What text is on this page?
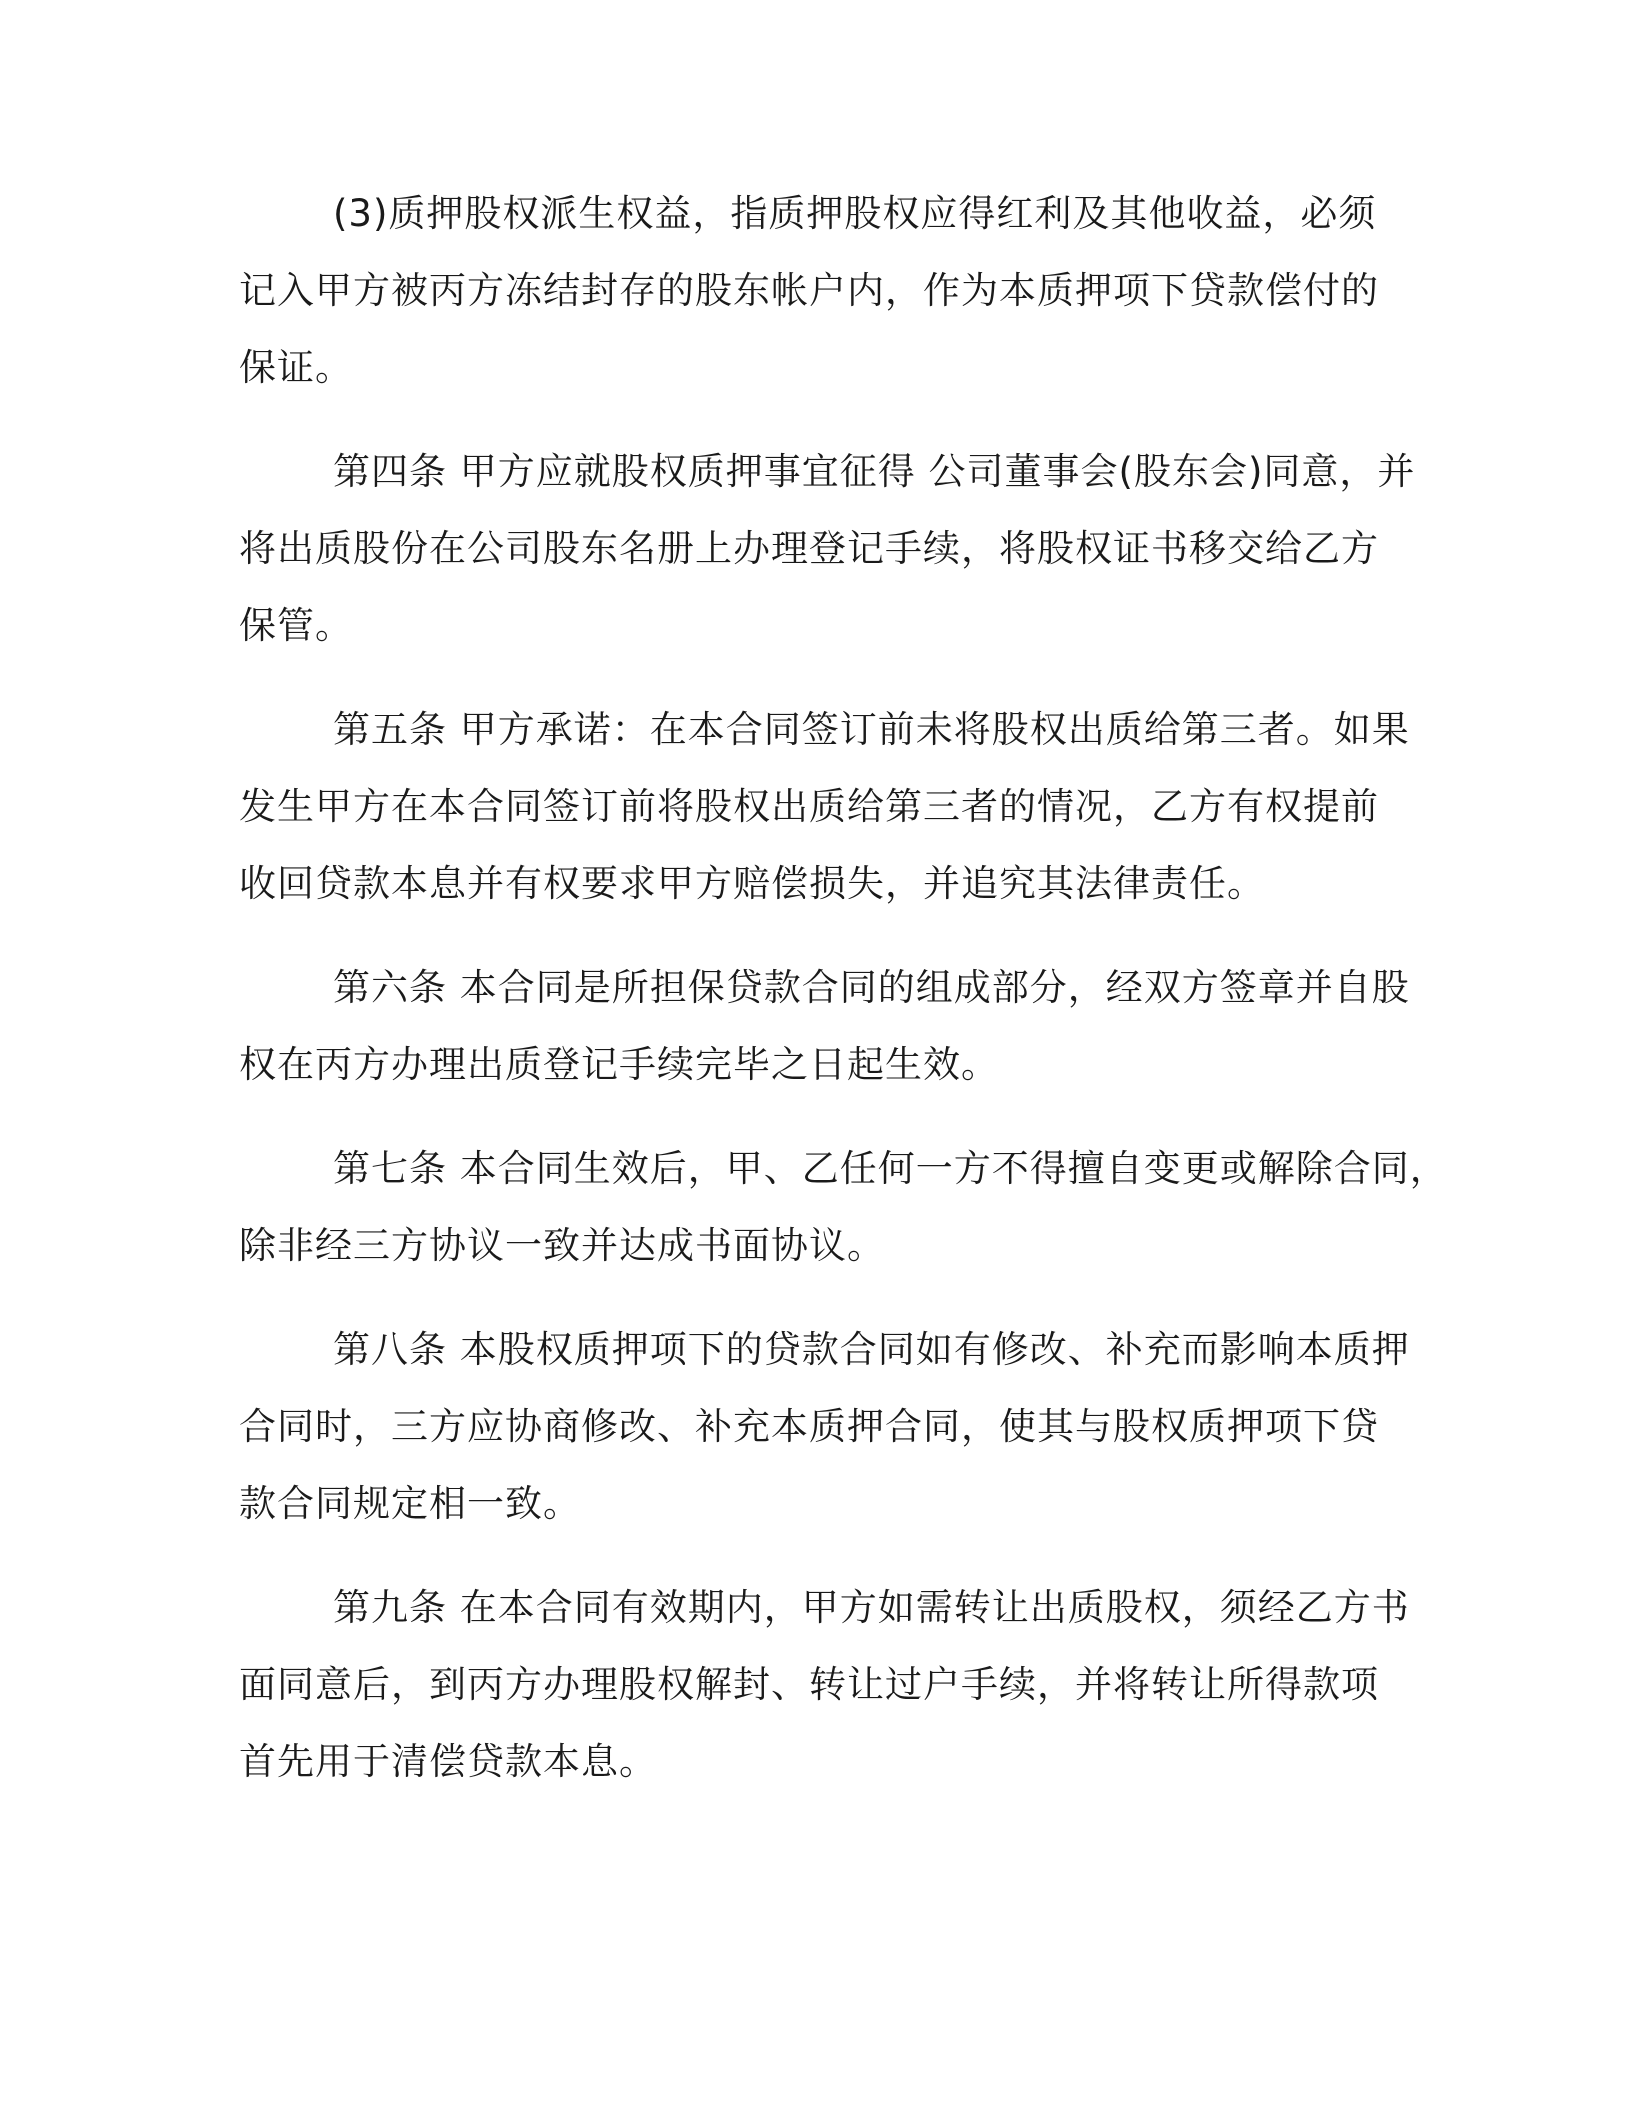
(3)质押股权派生权益，指质押股权应得红利及其他收益，必须
记入甲方被丙方冻结封存的股东帐户内，作为本质押项下贷款偿付的
保证。
第四条 甲方应就股权质押事宜征得 公司董事会(股东会)同意，并
将出质股份在公司股东名册上办理登记手续，将股权证书移交给乙方
保管。
第五条 甲方承诺：在本合同签订前未将股权出质给第三者。如果
发生甲方在本合同签订前将股权出质给第三者的情况，乙方有权提前
收回贷款本息并有权要求甲方赔偿损失，并追究其法律责任。
第六条 本合同是所担保贷款合同的组成部分，经双方签章并自股
权在丙方办理出质登记手续完毕之日起生效。
第七条 本合同生效后，甲、乙任何一方不得擅自变更或解除合同，
除非经三方协议一致并达成书面协议。
第八条 本股权质押项下的贷款合同如有修改、补充而影响本质押
合同时，三方应协商修改、补充本质押合同，使其与股权质押项下贷
款合同规定相一致。
第九条 在本合同有效期内，甲方如需转让出质股权，须经乙方书
面同意后，到丙方办理股权解封、转让过户手续，并将转让所得款项
首先用于清偿贷款本息。
